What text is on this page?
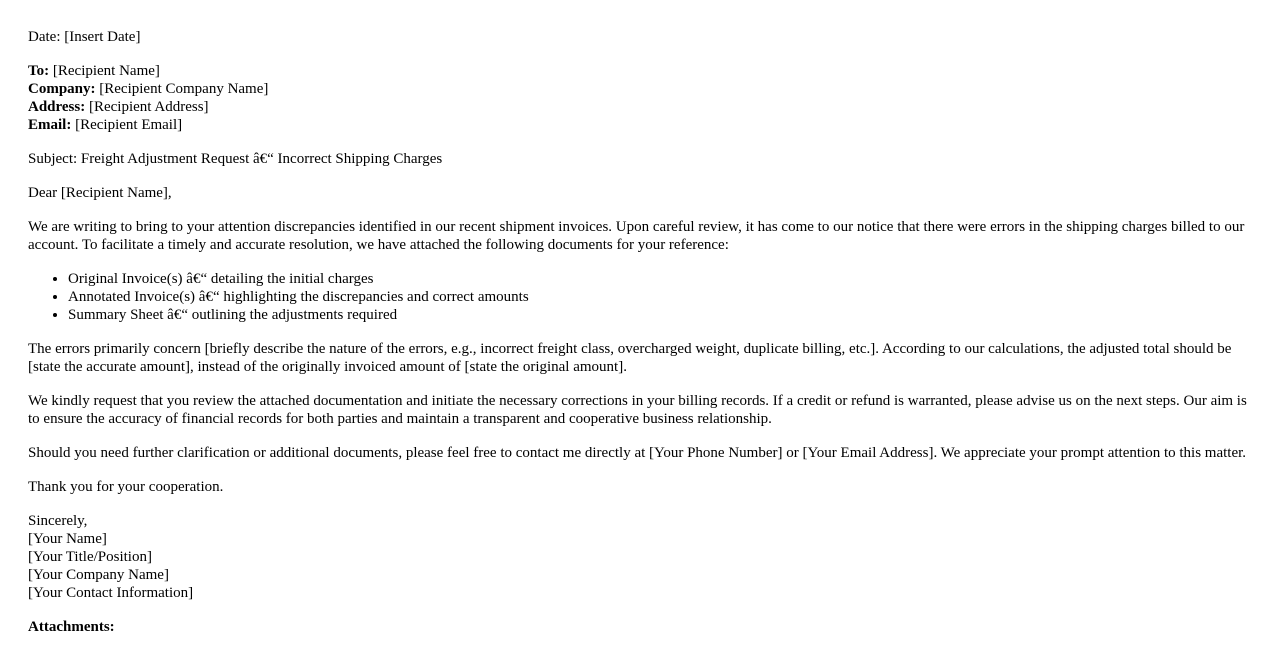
Date: [Insert Date]

To: [Recipient Name]

Company: [Recipient Company Name]

Address: [Recipient Address]

Email: [Recipient Email]

Subject: Freight Adjustment Request â€“ Incorrect Shipping Charges

Dear [Recipient Name],

We are writing to bring to your attention discrepancies identified in our recent shipment invoices. Upon careful review, it has come to our notice that there were errors in the shipping charges billed to our account. To facilitate a timely and accurate resolution, we have attached the following documents for your reference:

• Original Invoice(s) â€“ detailing the initial charges
• Annotated Invoice(s) â€“ highlighting the discrepancies and correct amounts
• Summary Sheet â€“ outlining the adjustments required

The errors primarily concern [briefly describe the nature of the errors, e.g., incorrect freight class, overcharged weight, duplicate billing, etc.]. According to our calculations, the adjusted total should be [state the accurate amount], instead of the originally invoiced amount of [state the original amount].

We kindly request that you review the attached documentation and initiate the necessary corrections in your billing records. If a credit or refund is warranted, please advise us on the next steps. Our aim is to ensure the accuracy of financial records for both parties and maintain a transparent and cooperative business relationship.

Should you need further clarification or additional documents, please feel free to contact me directly at [Your Phone Number] or [Your Email Address]. We appreciate your prompt attention to this matter.

Thank you for your cooperation.

Sincerely,
[Your Name]
[Your Title/Position]
[Your Company Name]
[Your Contact Information]

Attachments:
